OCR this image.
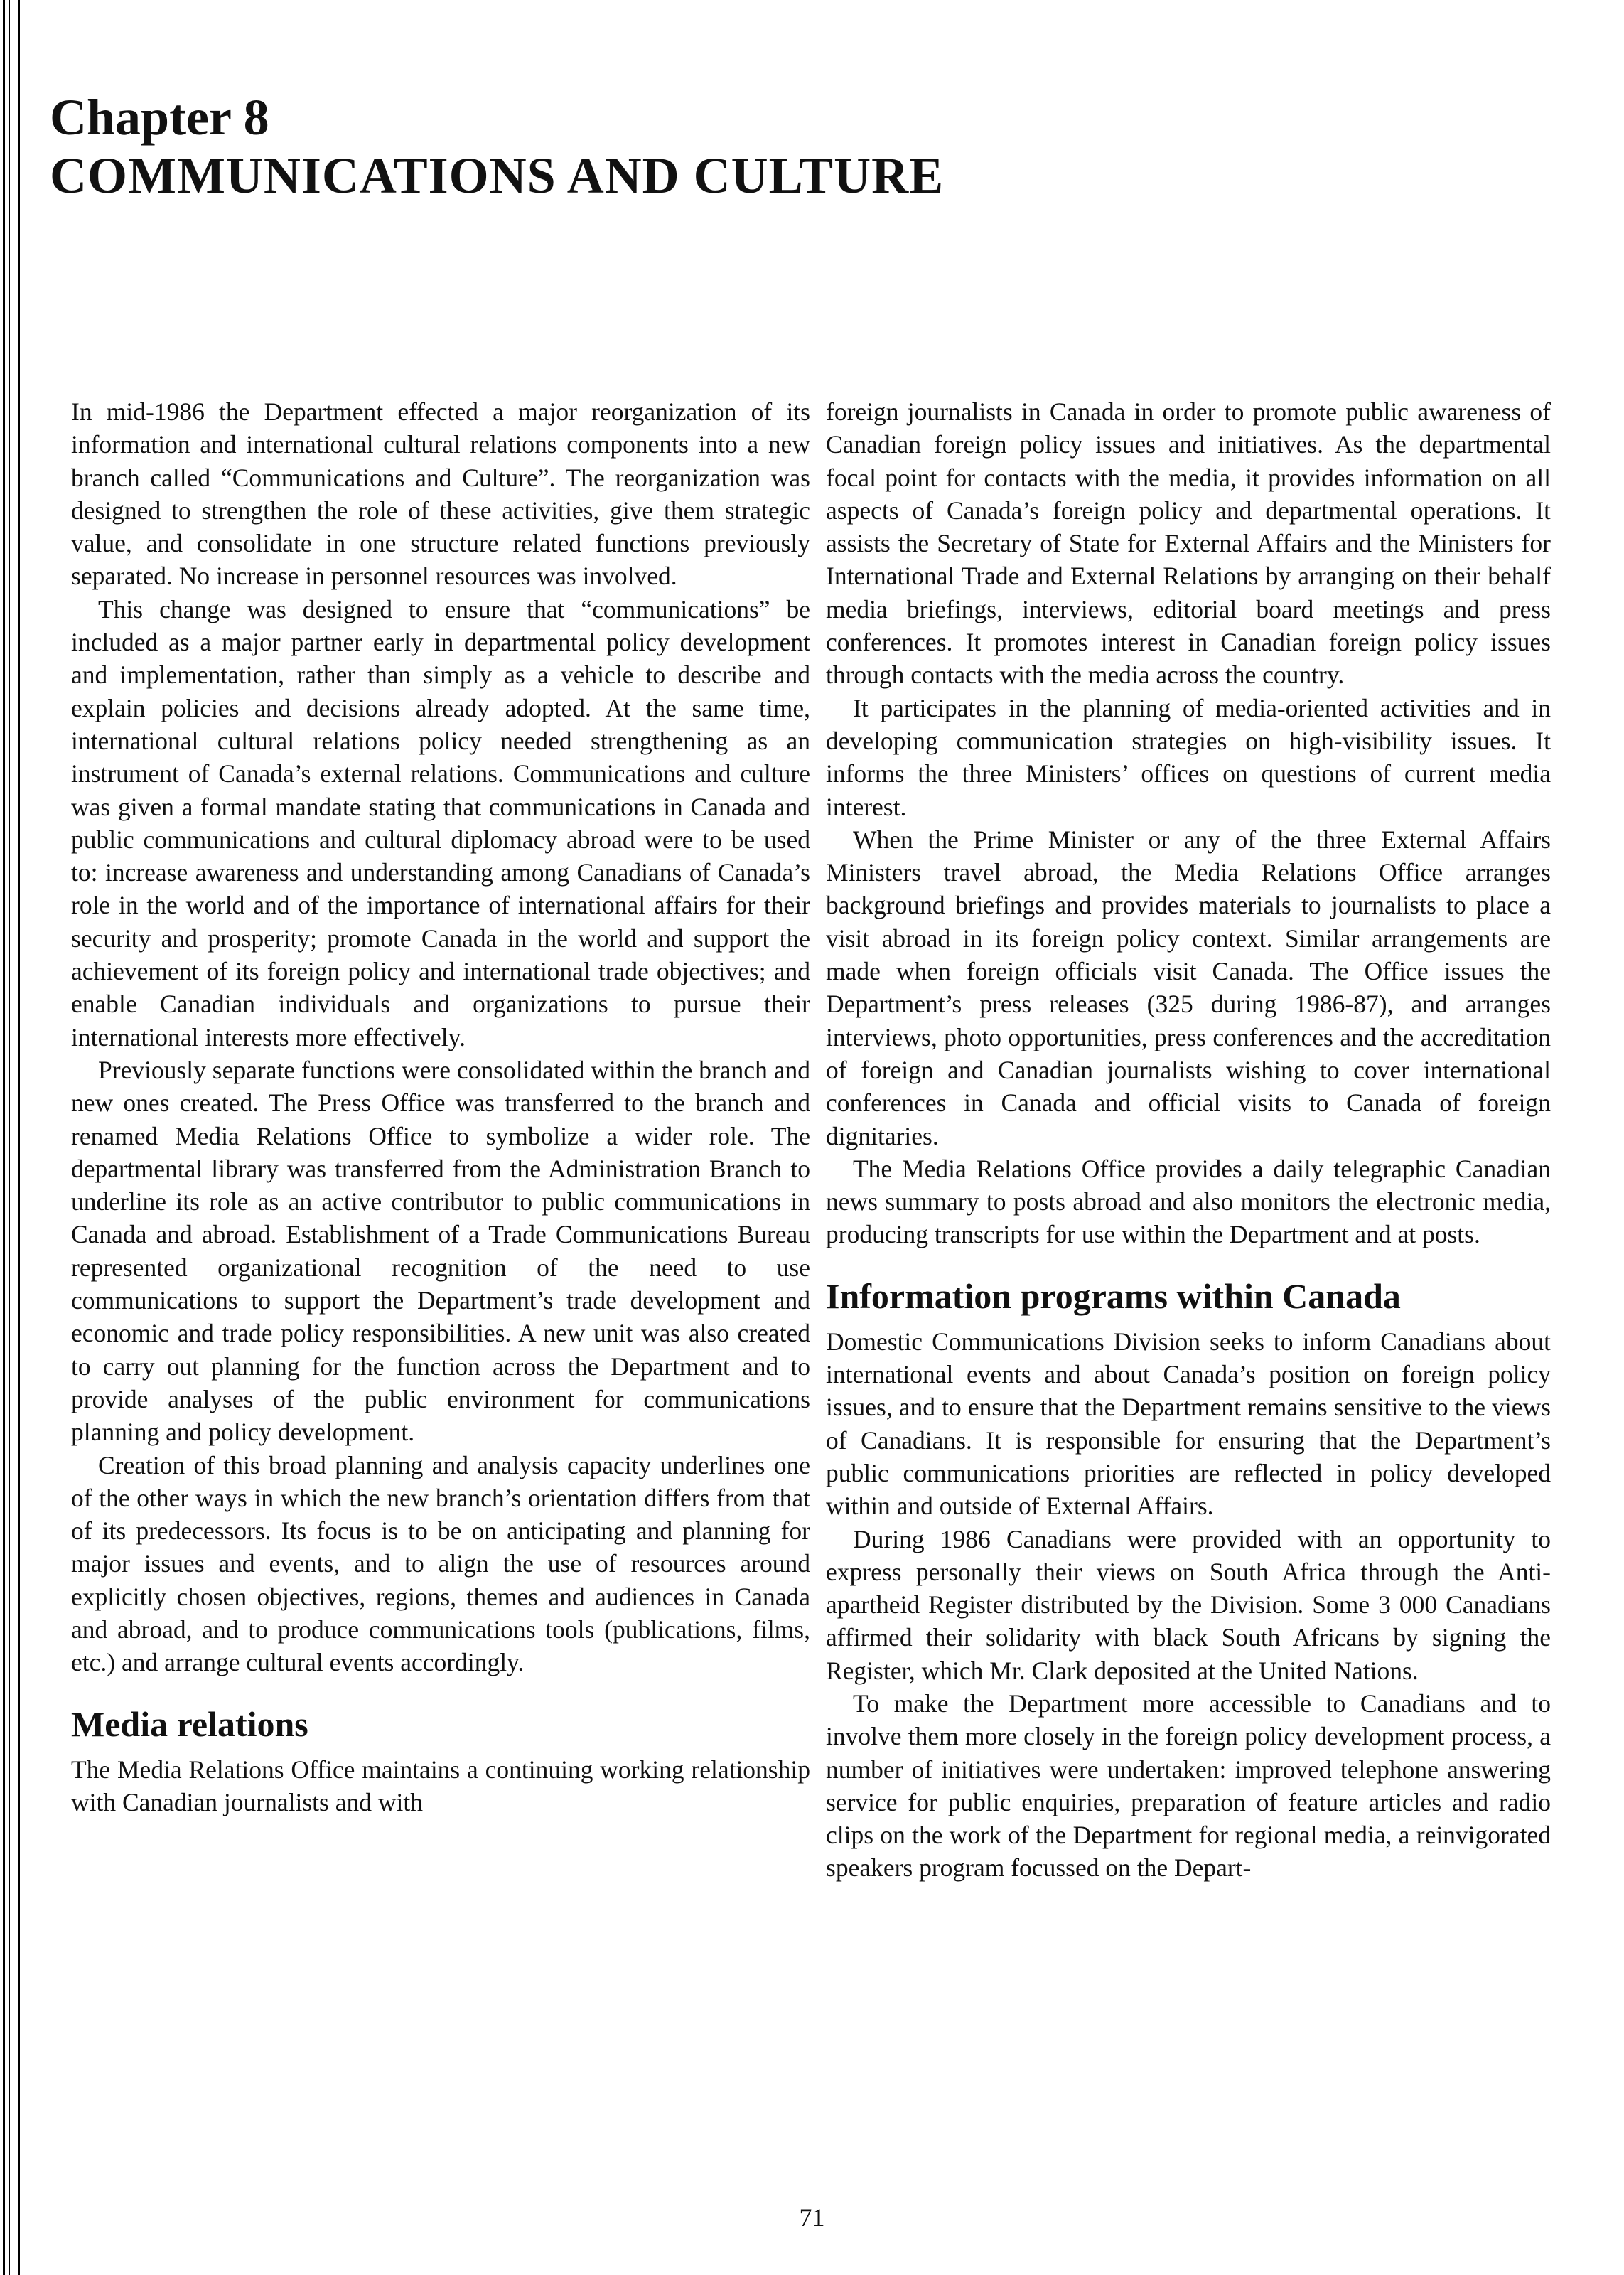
Chapter 8
COMMUNICATIONS AND CULTURE

In mid-1986 the Department effected a major reorganization of its information and international cultural relations components into a new branch called “Communications and Culture”. The reorganization was designed to strengthen the role of these activities, give them strategic value, and consolidate in one structure related functions previously separated. No increase in personnel resources was involved.

This change was designed to ensure that “communications” be included as a major partner early in departmental policy development and implementation, rather than simply as a vehicle to describe and explain policies and decisions already adopted. At the same time, international cultural relations policy needed strengthening as an instrument of Canada’s external relations. Communications and culture was given a formal mandate stating that communications in Canada and public communications and cultural diplomacy abroad were to be used to: increase awareness and understanding among Canadians of Canada’s role in the world and of the importance of international affairs for their security and prosperity; promote Canada in the world and support the achievement of its foreign policy and international trade objectives; and enable Canadian individuals and organizations to pursue their international interests more effectively.

Previously separate functions were consolidated within the branch and new ones created. The Press Office was transferred to the branch and renamed Media Relations Office to symbolize a wider role. The departmental library was transferred from the Administration Branch to underline its role as an active contributor to public communications in Canada and abroad. Establishment of a Trade Communications Bureau represented organizational recognition of the need to use communications to support the Department’s trade development and economic and trade policy responsibilities. A new unit was also created to carry out planning for the function across the Department and to provide analyses of the public environment for communications planning and policy development.

Creation of this broad planning and analysis capacity underlines one of the other ways in which the new branch’s orientation differs from that of its predecessors. Its focus is to be on anticipating and planning for major issues and events, and to align the use of resources around explicitly chosen objectives, regions, themes and audiences in Canada and abroad, and to produce communications tools (publications, films, etc.) and arrange cultural events accordingly.

Media relations

The Media Relations Office maintains a continuing working relationship with Canadian journalists and with

foreign journalists in Canada in order to promote public awareness of Canadian foreign policy issues and initiatives. As the departmental focal point for contacts with the media, it provides information on all aspects of Canada’s foreign policy and departmental operations. It assists the Secretary of State for External Affairs and the Ministers for International Trade and External Relations by arranging on their behalf media briefings, interviews, editorial board meetings and press conferences. It promotes interest in Canadian foreign policy issues through contacts with the media across the country.

It participates in the planning of media-oriented activities and in developing communication strategies on high-visibility issues. It informs the three Ministers’ offices on questions of current media interest.

When the Prime Minister or any of the three External Affairs Ministers travel abroad, the Media Relations Office arranges background briefings and provides materials to journalists to place a visit abroad in its foreign policy context. Similar arrangements are made when foreign officials visit Canada. The Office issues the Department’s press releases (325 during 1986-87), and arranges interviews, photo opportunities, press conferences and the accreditation of foreign and Canadian journalists wishing to cover international conferences in Canada and official visits to Canada of foreign dignitaries.

The Media Relations Office provides a daily telegraphic Canadian news summary to posts abroad and also monitors the electronic media, producing transcripts for use within the Department and at posts.

Information programs within Canada

Domestic Communications Division seeks to inform Canadians about international events and about Canada’s position on foreign policy issues, and to ensure that the Department remains sensitive to the views of Canadians. It is responsible for ensuring that the Department’s public communications priorities are reflected in policy developed within and outside of External Affairs.

During 1986 Canadians were provided with an opportunity to express personally their views on South Africa through the Anti-apartheid Register distributed by the Division. Some 3 000 Canadians affirmed their solidarity with black South Africans by signing the Register, which Mr. Clark deposited at the United Nations.

To make the Department more accessible to Canadians and to involve them more closely in the foreign policy development process, a number of initiatives were undertaken: improved telephone answering service for public enquiries, preparation of feature articles and radio clips on the work of the Department for regional media, a reinvigorated speakers program focussed on the Depart-

71
